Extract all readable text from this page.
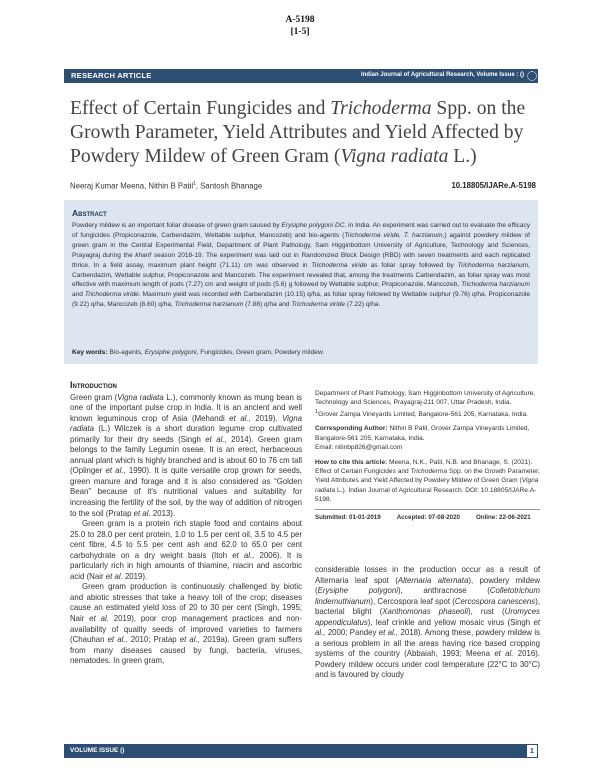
A-5198
[1-5]
RESEARCH ARTICLE	Indian Journal of Agricultural Research, Volume Issue : ()
Effect of Certain Fungicides and Trichoderma Spp. on the Growth Parameter, Yield Attributes and Yield Affected by Powdery Mildew of Green Gram (Vigna radiata L.)
Neeraj Kumar Meena, Nithin B Patil$^1$, Santosh Bhanage	10.18805/IJARe.A-5198
Abstract

Powdery mildew is an important foliar disease of green gram caused by Erysiphe polygoni DC. in India. An experiment was carried out to evaluate the efficacy of fungicides (Propiconazole, Carbendazim, Wettable sulphur, Mancozeb) and bio-agents (Trichoderma viride, T. harzianum,) against powdery mildew of green gram in the Central Experimental Field, Department of Plant Pathology, Sam Higginbottom University of Agriculture, Technology and Sciences, Prayagraj during the kharif season 2018-19. The experiment was laid out in Randomized Block Design (RBD) with seven treatments and each replicated thrice. In a field assay, maximum plant height (71.11) cm was observed in Trichoderma viride as foliar spray followed by Trichoderma harzianum, Carbendazim, Wettable sulphur, Propiconazole and Mancozeb. The experiment revealed that, among the treatments Carbendazim, as foliar spray was most effective with maximum length of pods (7.27) cm and weight of pods (5.6) g followed by Wettable sulphur, Propiconazole, Mancozeb, Trichoderma harzianum and Trichoderma viride. Maximum yield was recorded with Carbendazim (10.15) q/ha, as foliar spray followed by Wettable sulphur (9.76) q/ha, Propiconazole (9.22) q/ha, Mancozeb (8.60) q/ha, Trichoderma harzianum (7.88) q/ha and Trichoderma viride (7.22) q/ha.

Key words: Bio-agents, Erysiphe polygoni, Fungicides, Green gram, Powdery mildew.
Introduction

Green gram (Vigna radiata L.), commonly known as mung bean is one of the important pulse crop in India. It is an ancient and well known leguminous crop of Asia (Mehandi et al., 2019). Vigna radiata (L.) Wilczek is a short duration legume crop cultivated primarily for their dry seeds (Singh et al., 2014). Green gram belongs to the family Legumin oseae. It is an erect, herbaceous annual plant which is highly branched and is about 60 to 76 cm tall (Oplinger et al., 1990). It is quite versatile crop grown for seeds, green manure and forage and it is also considered as “Golden Bean” because of it's nutritional values and suitability for increasing the fertility of the soil, by the way of addition of nitrogen to the soil (Pratap et al. 2013).

Green gram is a protein rich staple food and contains about 25.0 to 28.0 per cent protein, 1.0 to 1.5 per cent oil, 3.5 to 4.5 per cent fibre, 4.5 to 5.5 per cent ash and 62.0 to 65.0 per cent carbohydrate on a dry weight basis (Itoh et al., 2006). It is particularly rich in high amounts of thiamine, niacin and ascorbic acid (Nair et al. 2019).

Green gram production is continuously challenged by biotic and abiotic stresses that take a heavy toll of the crop; diseases cause an estimated yield loss of 20 to 30 per cent (Singh, 1995; Nair et al. 2019), poor crop management practices and non-availability of quality seeds of improved varieties to farmers (Chauhan et al., 2010; Pratap et al., 2019a). Green gram suffers from many diseases caused by fungi, bacteria, viruses, nematodes. In green gram,

Department of Plant Pathology, Sam Higginbottom University of Agriculture, Technology and Sciences, Prayagraj-211 007, Uttar Pradesh, India.

$^1$Grover Zampa Vineyards Limited, Bangalore-561 205, Karnataka, India.

Corresponding Author: Nithin B Patil, Grover Zampa Vineyards Limited, Bangalore-561 205, Karnataka, India.

Email: nitinbp826@gmail.com

How to cite this article: Meena, N.K., Patil, N.B. and Bhanage, S. (2021). Effect of Certain Fungicides and Trichoderma Spp. on the Growth Parameter, Yield Attributes and Yield Affected by Powdery Mildew of Green Gram (Vigna radiata L.). Indian Journal of Agricultural Research. DOI: 10.18805/IJARe.A-5198.

Submitted: 01-01-2019	Accepted: 07-08-2020	Online: 22-06-2021

considerable losses in the production occur as a result of Alternaria leaf spot (Alternaria alternata), powdery mildew (Erysiphe polygoni), anthracnose (Colletotrichum lindemuthianum), Cercospora leaf spot (Cercospora canescens), bacterial blight (Xanthomonas phaseoli), rust (Uromyces appendiculatus), leaf crinkle and yellow mosaic virus (Singh et al., 2000; Pandey et al., 2018). Among these, powdery mildew is a serious problem in all the areas having rice based cropping systems of the country (Abbaiah, 1993; Meena et al. 2016). Powdery mildew occurs under cool temperature (22°C to 30°C) and is favoured by cloudy

VOLUME ISSUE ()	1
